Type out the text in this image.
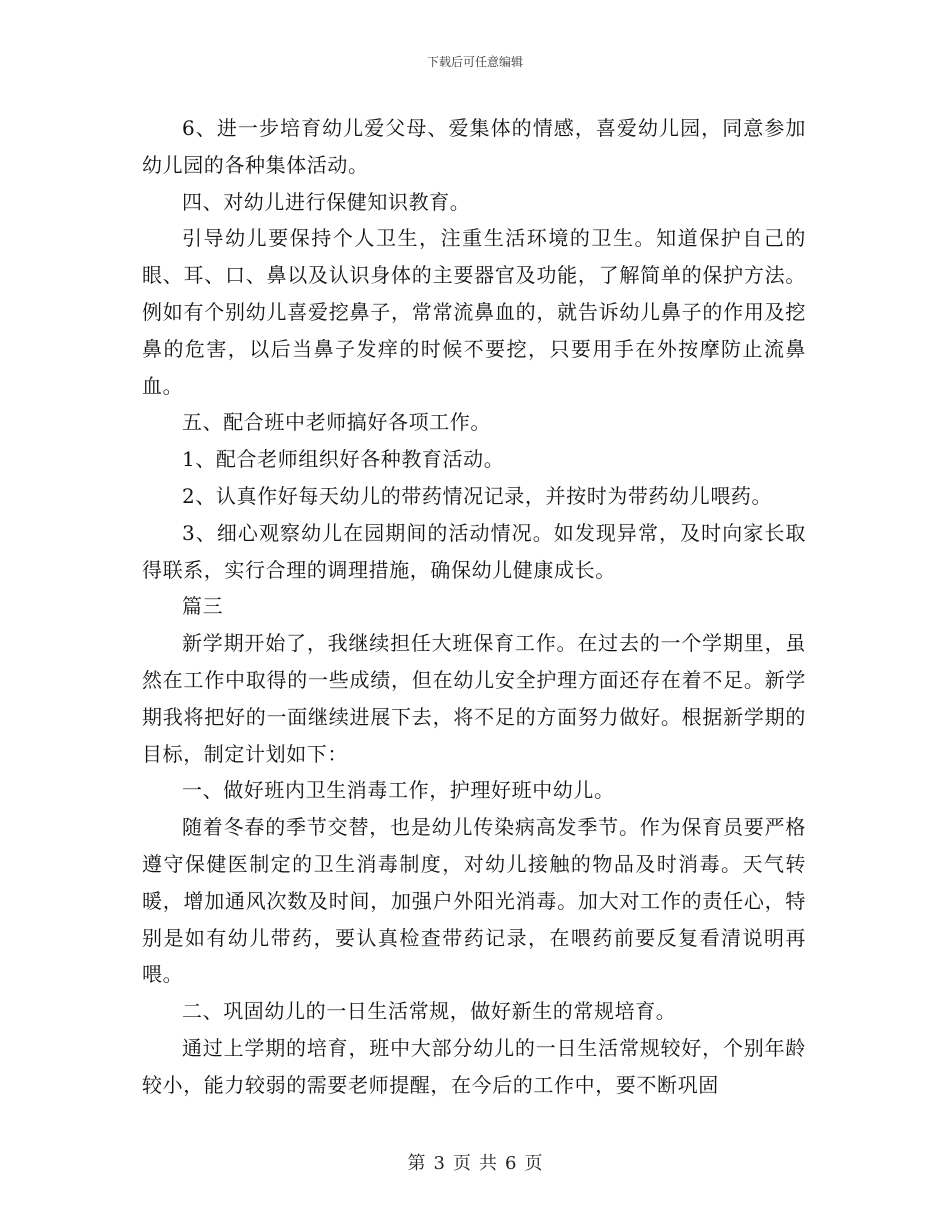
下载后可任意编辑

6、进一步培育幼儿爱父母、爱集体的情感，喜爱幼儿园，同意参加幼儿园的各种集体活动。

四、对幼儿进行保健知识教育。

引导幼儿要保持个人卫生，注重生活环境的卫生。知道保护自己的眼、耳、口、鼻以及认识身体的主要器官及功能，了解简单的保护方法。例如有个别幼儿喜爱挖鼻子，常常流鼻血的，就告诉幼儿鼻子的作用及挖鼻的危害，以后当鼻子发痒的时候不要挖，只要用手在外按摩防止流鼻血。

五、配合班中老师搞好各项工作。

1、配合老师组织好各种教育活动。

2、认真作好每天幼儿的带药情况记录，并按时为带药幼儿喂药。

3、细心观察幼儿在园期间的活动情况。如发现异常，及时向家长取得联系，实行合理的调理措施，确保幼儿健康成长。

篇三

新学期开始了，我继续担任大班保育工作。在过去的一个学期里，虽然在工作中取得的一些成绩，但在幼儿安全护理方面还存在着不足。新学期我将把好的一面继续进展下去，将不足的方面努力做好。根据新学期的目标，制定计划如下：

一、做好班内卫生消毒工作，护理好班中幼儿。

随着冬春的季节交替，也是幼儿传染病高发季节。作为保育员要严格遵守保健医制定的卫生消毒制度，对幼儿接触的物品及时消毒。天气转暖，增加通风次数及时间，加强户外阳光消毒。加大对工作的责任心，特别是如有幼儿带药，要认真检查带药记录，在喂药前要反复看清说明再喂。

二、巩固幼儿的一日生活常规，做好新生的常规培育。

通过上学期的培育，班中大部分幼儿的一日生活常规较好，个别年龄较小，能力较弱的需要老师提醒，在今后的工作中，要不断巩固

第 3 页 共 6 页
